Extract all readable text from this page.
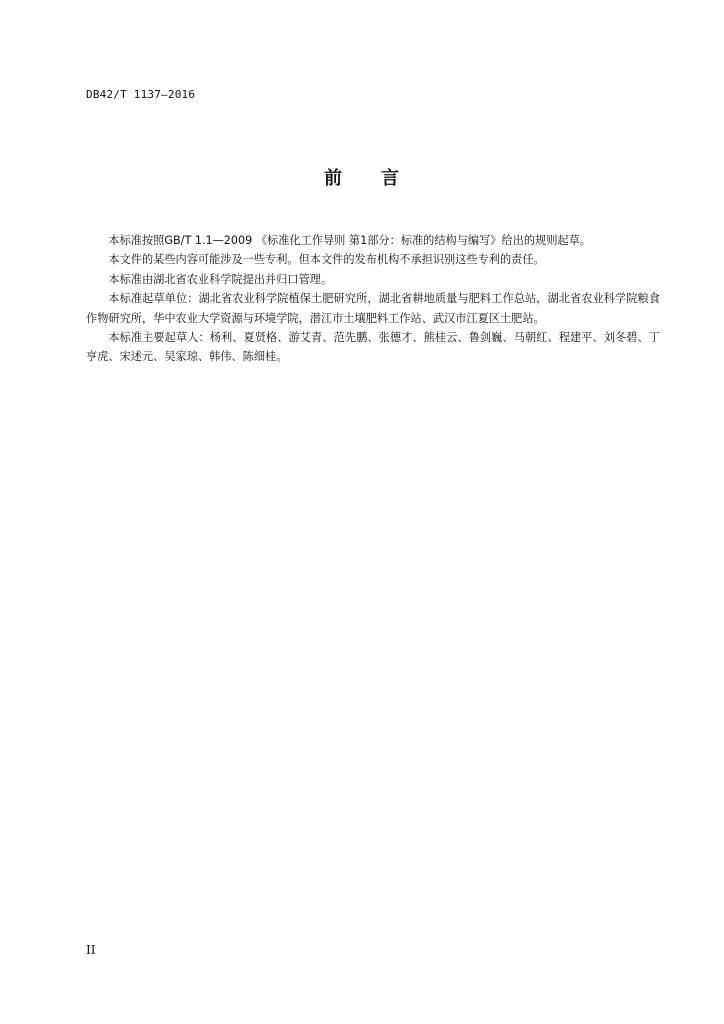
DB42/T 1137—2016
前 言

本标准按照GB/T 1.1—2009 《标准化工作导则 第1部分：标准的结构与编写》给出的规则起草。

本文件的某些内容可能涉及一些专利。但本文件的发布机构不承担识别这些专利的责任。

本标准由湖北省农业科学院提出并归口管理。

本标准起草单位：湖北省农业科学院植保土肥研究所，湖北省耕地质量与肥料工作总站，湖北省农业科学院粮食作物研究所，华中农业大学资源与环境学院，潜江市土壤肥料工作站、武汉市江夏区土肥站。

本标准主要起草人：杨利、夏贤格、游艾青、范先鹏、张德才、熊桂云、鲁剑巍、马朝红、程建平、刘冬碧、丁亨虎、宋述元、吴家琼、韩伟、陈细桂。

II
